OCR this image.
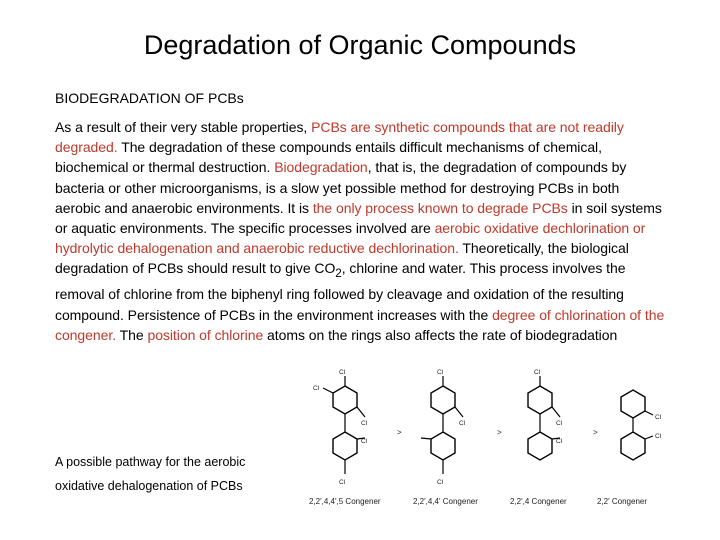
Degradation of Organic Compounds
BIODEGRADATION OF PCBs
As a result of their very stable properties, PCBs are synthetic compounds that are not readily degraded. The degradation of these compounds entails difficult mechanisms of chemical, biochemical or thermal destruction. Biodegradation, that is, the degradation of compounds by bacteria or other microorganisms, is a slow yet possible method for destroying PCBs in both aerobic and anaerobic environments. It is the only process known to degrade PCBs in soil systems or aquatic environments. The specific processes involved are aerobic oxidative dechlorination or hydrolytic dehalogenation and anaerobic reductive dechlorination. Theoretically, the biological degradation of PCBs should result to give $CO_2$, chlorine and water. This process involves the removal of chlorine from the biphenyl ring followed by cleavage and oxidation of the resulting compound. Persistence of PCBs in the environment increases with the degree of chlorination of the congener. The position of chlorine atoms on the rings also affects the rate of biodegradation
A possible pathway for the aerobic
oxidative dehalogenation of PCBs
Cl
Cl
Cl
Cl
Cl
2,2',4,4',5 Congener
>
Cl
Cl
Cl
2,2',4,4' Congener
>
Cl
Cl
Cl
2,2',4 Congener
>
Cl
Cl
2,2' Congener
